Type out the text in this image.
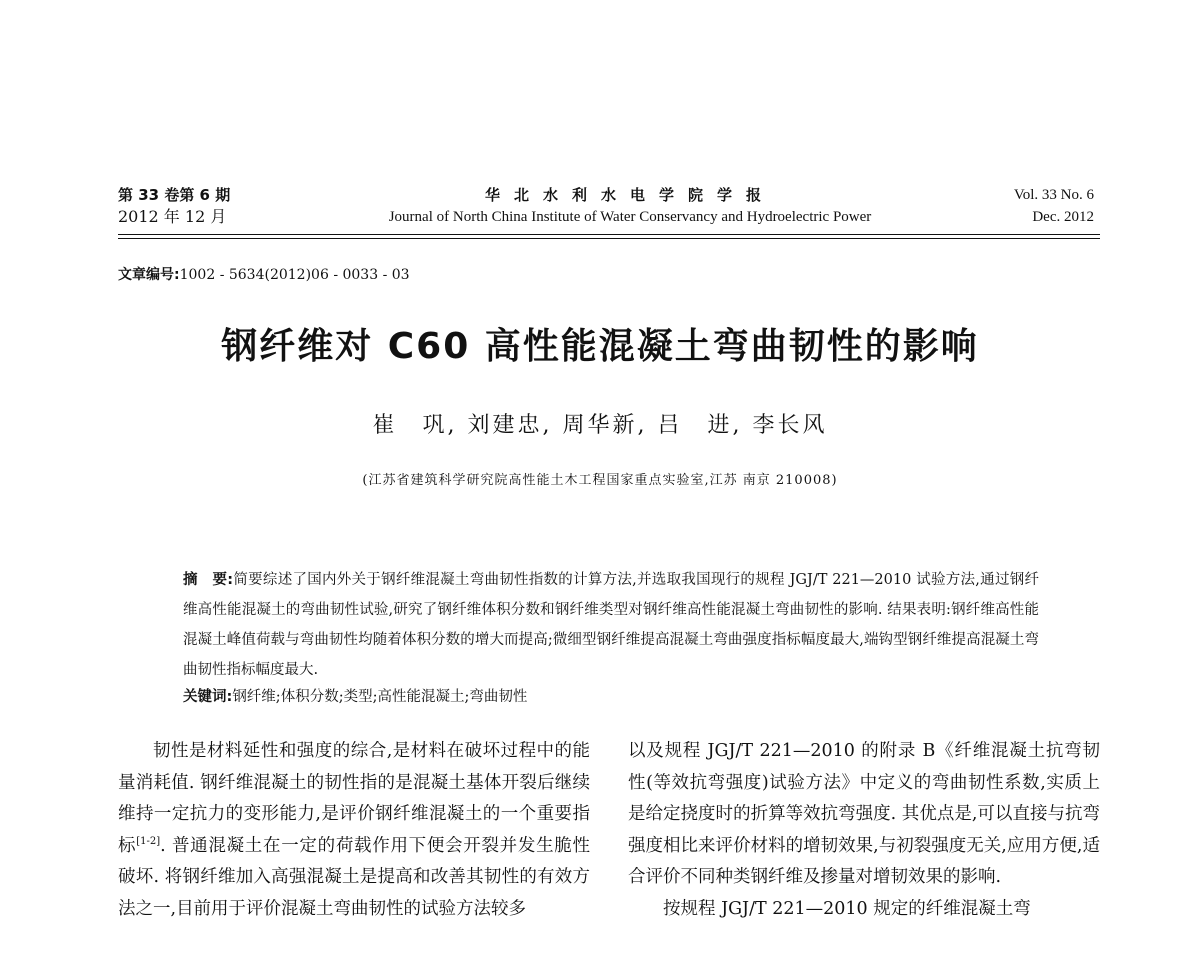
第 33 卷第 6 期
2012 年 12 月
华北水利水电学院学报
Journal of North China Institute of Water Conservancy and Hydroelectric Power
Vol. 33 No. 6
Dec. 2012
文章编号:1002 - 5634(2012)06 - 0033 - 03
钢纤维对 C60 高性能混凝土弯曲韧性的影响
崔　巩, 刘建忠, 周华新, 吕　进, 李长风
(江苏省建筑科学研究院高性能土木工程国家重点实验室,江苏 南京 210008)
摘　要:简要综述了国内外关于钢纤维混凝土弯曲韧性指数的计算方法,并选取我国现行的规程 JGJ/T 221—2010 试验方法,通过钢纤维高性能混凝土的弯曲韧性试验,研究了钢纤维体积分数和钢纤维类型对钢纤维高性能混凝土弯曲韧性的影响. 结果表明:钢纤维高性能混凝土峰值荷载与弯曲韧性均随着体积分数的增大而提高;微细型钢纤维提高混凝土弯曲强度指标幅度最大,端钩型钢纤维提高混凝土弯曲韧性指标幅度最大.
关键词:钢纤维;体积分数;类型;高性能混凝土;弯曲韧性

韧性是材料延性和强度的综合,是材料在破坏过程中的能量消耗值. 钢纤维混凝土的韧性指的是混凝土基体开裂后继续维持一定抗力的变形能力,是评价钢纤维混凝土的一个重要指标[1-2]. 普通混凝土在一定的荷载作用下便会开裂并发生脆性破坏. 将钢纤维加入高强混凝土是提高和改善其韧性的有效方法之一,目前用于评价混凝土弯曲韧性的试验方法较多

以及规程 JGJ/T 221—2010 的附录 B《纤维混凝土抗弯韧性(等效抗弯强度)试验方法》中定义的弯曲韧性系数,实质上是给定挠度时的折算等效抗弯强度. 其优点是,可以直接与抗弯强度相比来评价材料的增韧效果,与初裂强度无关,应用方便,适合评价不同种类钢纤维及掺量对增韧效果的影响.

按规程 JGJ/T 221—2010 规定的纤维混凝土弯
